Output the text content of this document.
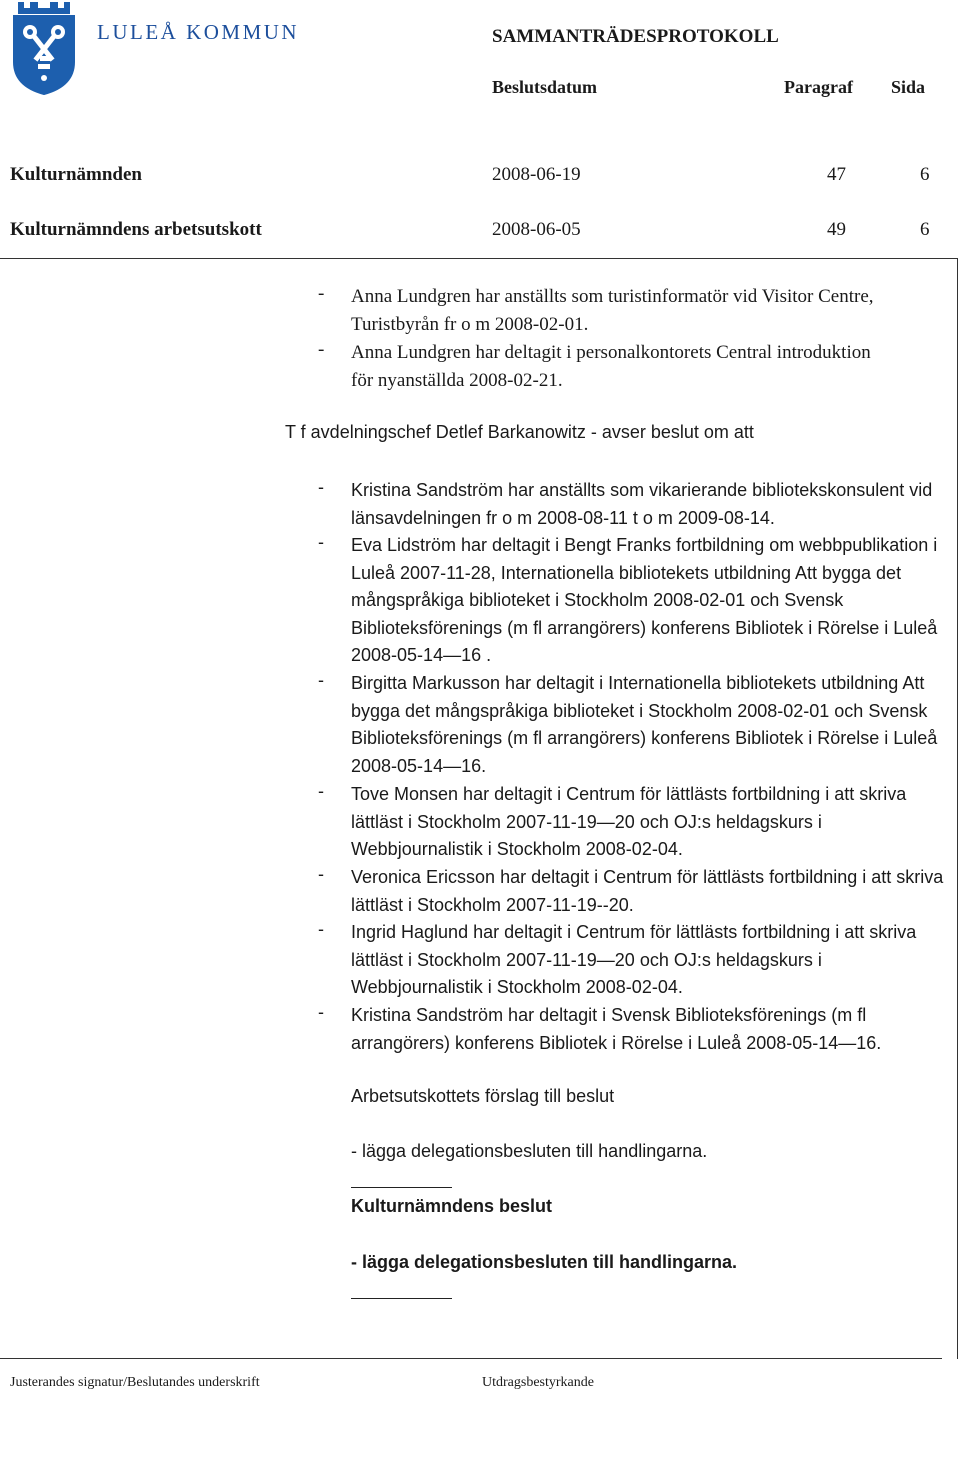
LULEÅ KOMMUN	SAMMANTRÄDESPROTOKOLL
Beslutsdatum	Paragraf Sida
Kulturnämnden	2008-06-19	47	6
Kulturnämndens arbetsutskott	2008-06-05	49	6
- Anna Lundgren har anställts som turistinformatör vid Visitor Centre, Turistbyrån fr o m 2008-02-01.
- Anna Lundgren har deltagit i personalkontorets Central introduktion för nyanställda 2008-02-21.
T f avdelningschef Detlef Barkanowitz - avser beslut om att
- Kristina Sandström har anställts som vikarierande bibliotekskonsulent vid länsavdelningen fr o m 2008-08-11 t o m 2009-08-14.
- Eva Lidström har deltagit i Bengt Franks fortbildning om webbpublikation i Luleå 2007-11-28, Internationella bibliotekets utbildning Att bygga det mångspråkiga biblioteket i Stockholm 2008-02-01 och Svensk Biblioteksförenings (m fl arrangörers) konferens Bibliotek i Rörelse i Luleå 2008-05-14—16 .
- Birgitta Markusson har deltagit i Internationella bibliotekets utbildning Att bygga det mångspråkiga biblioteket i Stockholm 2008-02-01 och Svensk Biblioteksförenings (m fl arrangörers) konferens Bibliotek i Rörelse i Luleå 2008-05-14—16.
- Tove Monsen har deltagit i Centrum för lättlästs fortbildning i att skriva lättläst i Stockholm 2007-11-19—20 och OJ:s heldagskurs i Webbjournalistik i Stockholm 2008-02-04.
- Veronica Ericsson har deltagit i Centrum för lättlästs fortbildning i att skriva lättläst i Stockholm 2007-11-19--20.
- Ingrid Haglund har deltagit i Centrum för lättlästs fortbildning i att skriva lättläst i Stockholm 2007-11-19—20 och OJ:s heldagskurs i Webbjournalistik i Stockholm 2008-02-04.
- Kristina Sandström har deltagit i Svensk Biblioteksförenings (m fl arrangörers) konferens Bibliotek i Rörelse i Luleå 2008-05-14—16.
Arbetsutskottets förslag till beslut
- lägga delegationsbesluten till handlingarna.
Kulturnämndens beslut
- lägga delegationsbesluten till handlingarna.
Justerandes signatur/Beslutandes underskrift	Utdragsbestyrkande
